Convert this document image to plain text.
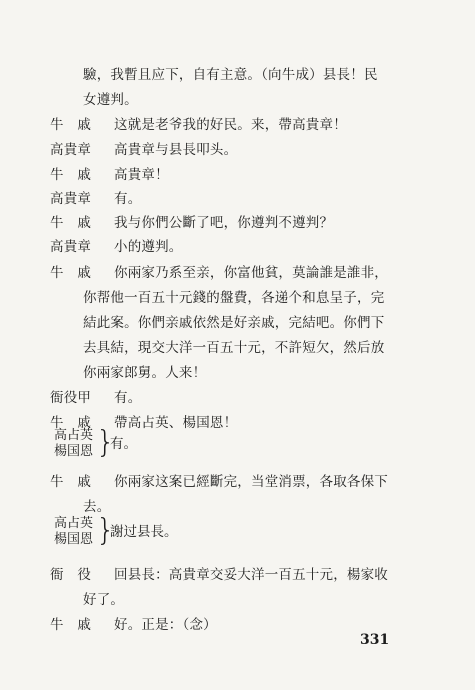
驗，我暫且应下，自有主意。（向牛成）县長！民
女遵判。
牛　戚	这就是老爷我的好民。来，帶高貴章！
高貴章	高貴章与县長叩头。
牛　戚	高貴章！
高貴章	有。
牛　戚	我与你們公斷了吧，你遵判不遵判？
高貴章	小的遵判。
牛　戚	你兩家乃系至亲，你富他貧，莫論誰是誰非，
你帮他一百五十元錢的盤費，各递个和息呈子，完
結此案。你們亲戚依然是好亲戚，完結吧。你們下
去具結，現交大洋一百五十元，不許短欠，然后放
你兩家郎舅。人来！
衙役甲	有。
牛　戚	帶高占英、楊国恩！
高占英
楊国恩 }
有。
牛　戚	你兩家这案已經斷完，当堂消票，各取各保下
去。
高占英
楊国恩 }
謝过县長。
衙　役	回县長：高貴章交妥大洋一百五十元，楊家收
好了。
牛　戚	好。正是：（念）
331
